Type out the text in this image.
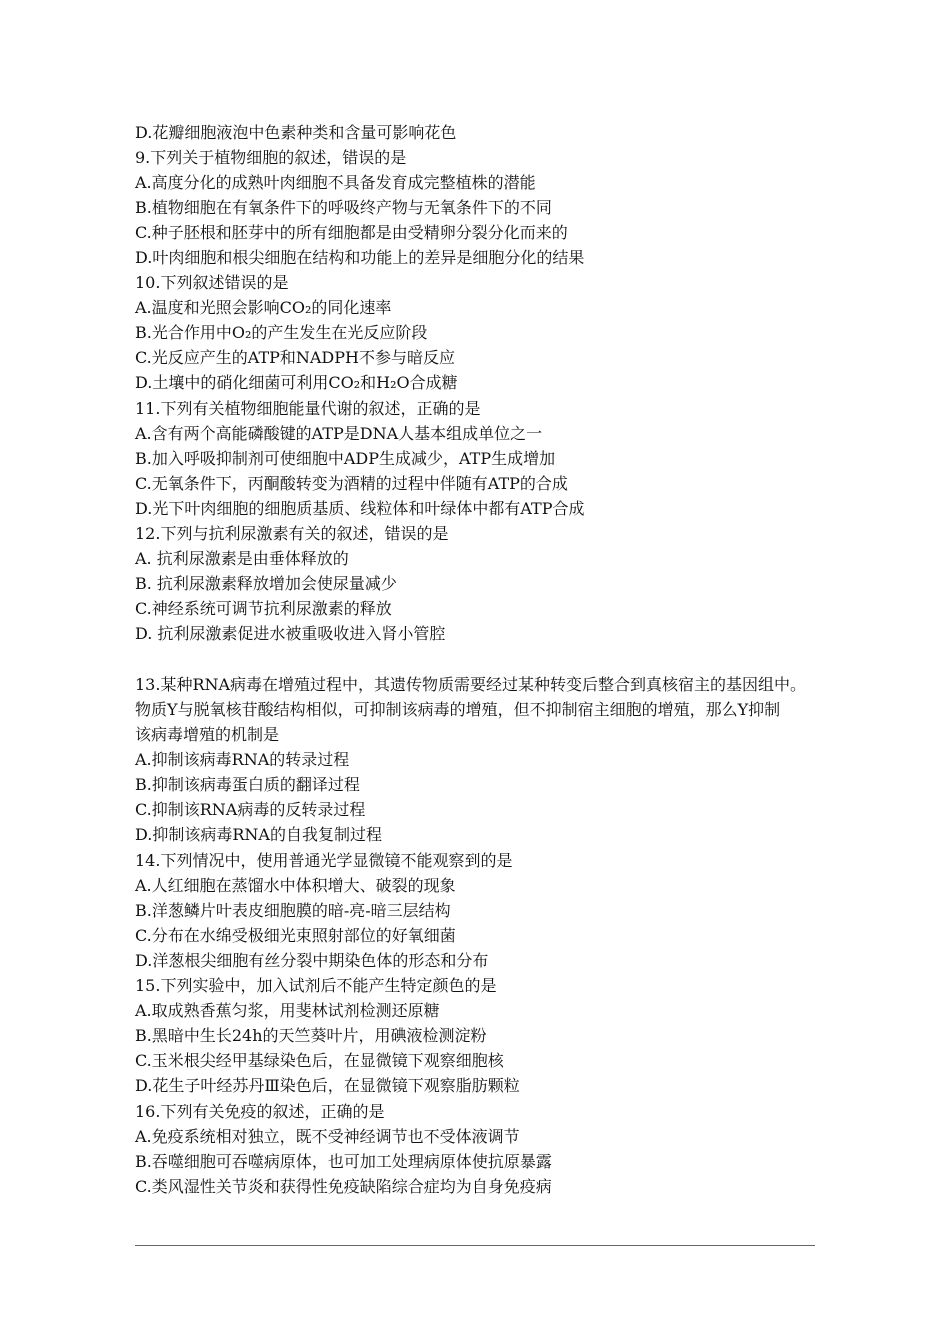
D.花瓣细胞液泡中色素种类和含量可影响花色
9.下列关于植物细胞的叙述，错误的是
A.高度分化的成熟叶肉细胞不具备发育成完整植株的潜能
B.植物细胞在有氧条件下的呼吸终产物与无氧条件下的不同
C.种子胚根和胚芽中的所有细胞都是由受精卵分裂分化而来的
D.叶肉细胞和根尖细胞在结构和功能上的差异是细胞分化的结果
10.下列叙述错误的是
A.温度和光照会影响CO₂的同化速率
B.光合作用中O₂的产生发生在光反应阶段
C.光反应产生的ATP和NADPH不参与暗反应
D.土壤中的硝化细菌可利用CO₂和H₂O合成糖
11.下列有关植物细胞能量代谢的叙述，正确的是
A.含有两个高能磷酸键的ATP是DNA人基本组成单位之一
B.加入呼吸抑制剂可使细胞中ADP生成减少，ATP生成增加
C.无氧条件下，丙酮酸转变为酒精的过程中伴随有ATP的合成
D.光下叶肉细胞的细胞质基质、线粒体和叶绿体中都有ATP合成
12.下列与抗利尿激素有关的叙述，错误的是
A. 抗利尿激素是由垂体释放的
B. 抗利尿激素释放增加会使尿量减少
C.神经系统可调节抗利尿激素的释放
D. 抗利尿激素促进水被重吸收进入肾小管腔
13.某种RNA病毒在增殖过程中，其遗传物质需要经过某种转变后整合到真核宿主的基因组中。
物质Y与脱氧核苷酸结构相似，可抑制该病毒的增殖，但不抑制宿主细胞的增殖，那么Y抑制
该病毒增殖的机制是
A.抑制该病毒RNA的转录过程
B.抑制该病毒蛋白质的翻译过程
C.抑制该RNA病毒的反转录过程
D.抑制该病毒RNA的自我复制过程
14.下列情况中，使用普通光学显微镜不能观察到的是
A.人红细胞在蒸馏水中体积增大、破裂的现象
B.洋葱鳞片叶表皮细胞膜的暗-亮-暗三层结构
C.分布在水绵受极细光束照射部位的好氧细菌
D.洋葱根尖细胞有丝分裂中期染色体的形态和分布
15.下列实验中，加入试剂后不能产生特定颜色的是
A.取成熟香蕉匀浆，用斐林试剂检测还原糖
B.黑暗中生长24h的天竺葵叶片，用碘液检测淀粉
C.玉米根尖经甲基绿染色后，在显微镜下观察细胞核
D.花生子叶经苏丹Ⅲ染色后，在显微镜下观察脂肪颗粒
16.下列有关免疫的叙述，正确的是
A.免疫系统相对独立，既不受神经调节也不受体液调节
B.吞噬细胞可吞噬病原体，也可加工处理病原体使抗原暴露
C.类风湿性关节炎和获得性免疫缺陷综合症均为自身免疫病
